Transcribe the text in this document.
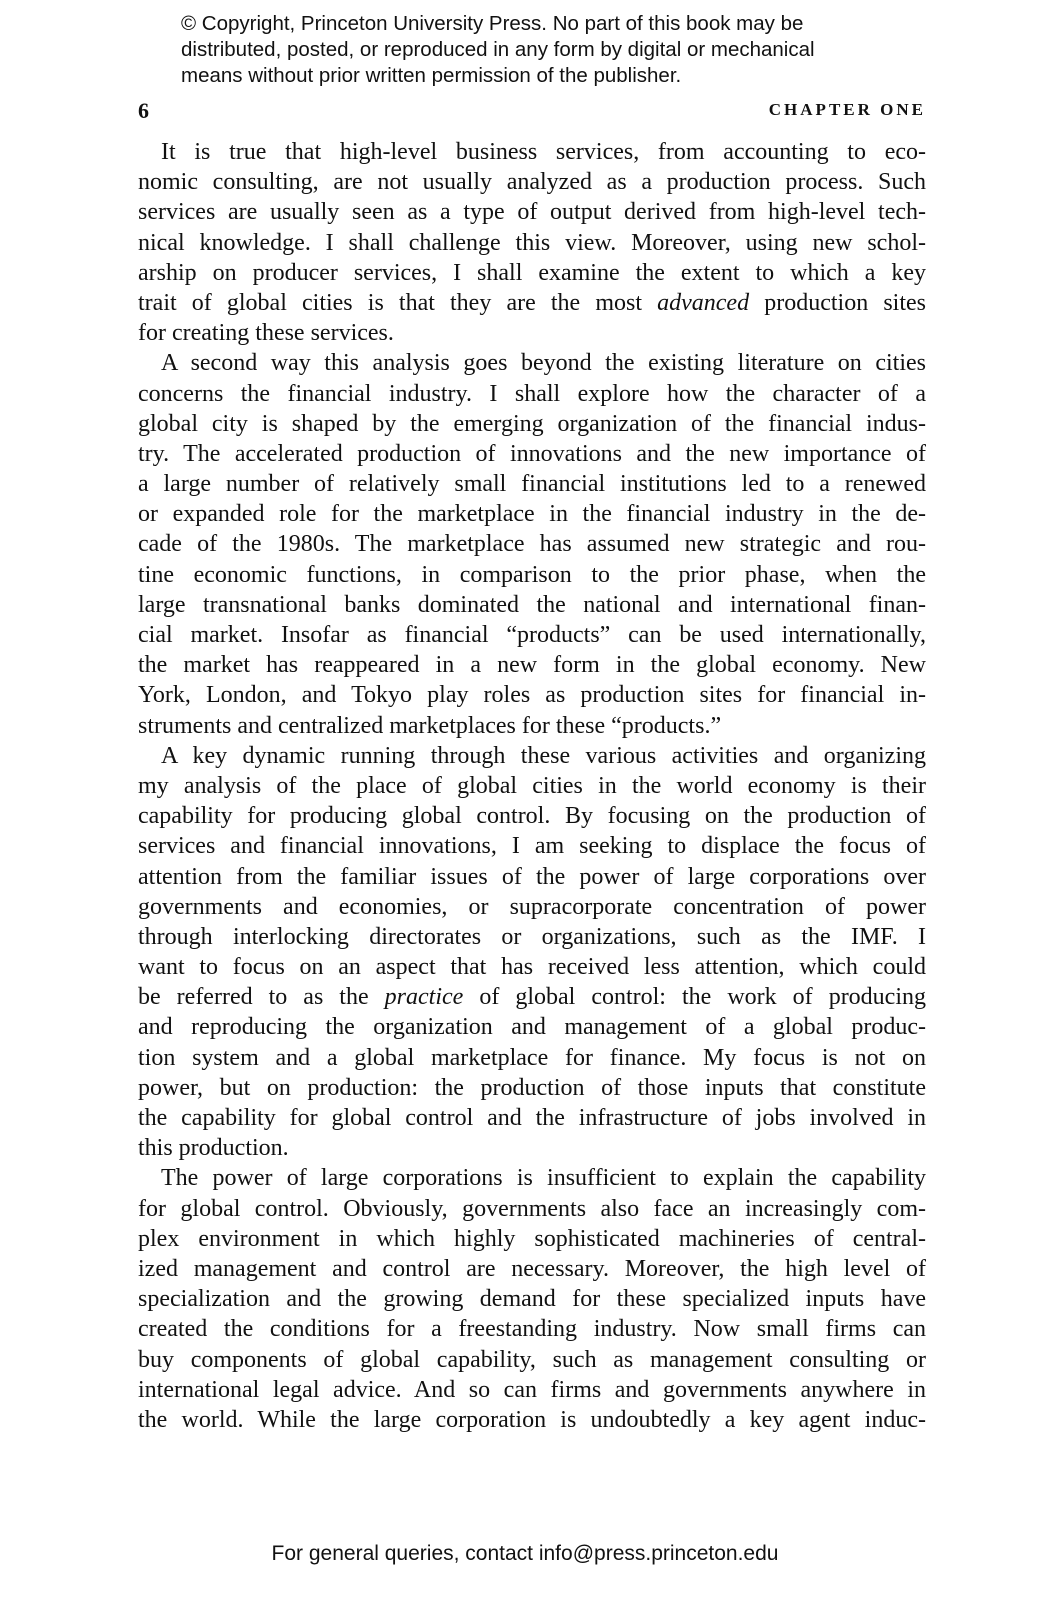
© Copyright, Princeton University Press. No part of this book may be
distributed, posted, or reproduced in any form by digital or mechanical
means without prior written permission of the publisher.
6	CHAPTER ONE
It is true that high-level business services, from accounting to eco-
nomic consulting, are not usually analyzed as a production process. Such
services are usually seen as a type of output derived from high-level tech-
nical knowledge. I shall challenge this view. Moreover, using new schol-
arship on producer services, I shall examine the extent to which a key
trait of global cities is that they are the most advanced production sites
for creating these services.
A second way this analysis goes beyond the existing literature on cities
concerns the financial industry. I shall explore how the character of a
global city is shaped by the emerging organization of the financial indus-
try. The accelerated production of innovations and the new importance of
a large number of relatively small financial institutions led to a renewed
or expanded role for the marketplace in the financial industry in the de-
cade of the 1980s. The marketplace has assumed new strategic and rou-
tine economic functions, in comparison to the prior phase, when the
large transnational banks dominated the national and international finan-
cial market. Insofar as financial “products” can be used internationally,
the market has reappeared in a new form in the global economy. New
York, London, and Tokyo play roles as production sites for financial in-
struments and centralized marketplaces for these “products.”
A key dynamic running through these various activities and organizing
my analysis of the place of global cities in the world economy is their
capability for producing global control. By focusing on the production of
services and financial innovations, I am seeking to displace the focus of
attention from the familiar issues of the power of large corporations over
governments and economies, or supracorporate concentration of power
through interlocking directorates or organizations, such as the IMF. I
want to focus on an aspect that has received less attention, which could
be referred to as the practice of global control: the work of producing
and reproducing the organization and management of a global produc-
tion system and a global marketplace for finance. My focus is not on
power, but on production: the production of those inputs that constitute
the capability for global control and the infrastructure of jobs involved in
this production.
The power of large corporations is insufficient to explain the capability
for global control. Obviously, governments also face an increasingly com-
plex environment in which highly sophisticated machineries of central-
ized management and control are necessary. Moreover, the high level of
specialization and the growing demand for these specialized inputs have
created the conditions for a freestanding industry. Now small firms can
buy components of global capability, such as management consulting or
international legal advice. And so can firms and governments anywhere in
the world. While the large corporation is undoubtedly a key agent induc-
For general queries, contact info@press.princeton.edu
